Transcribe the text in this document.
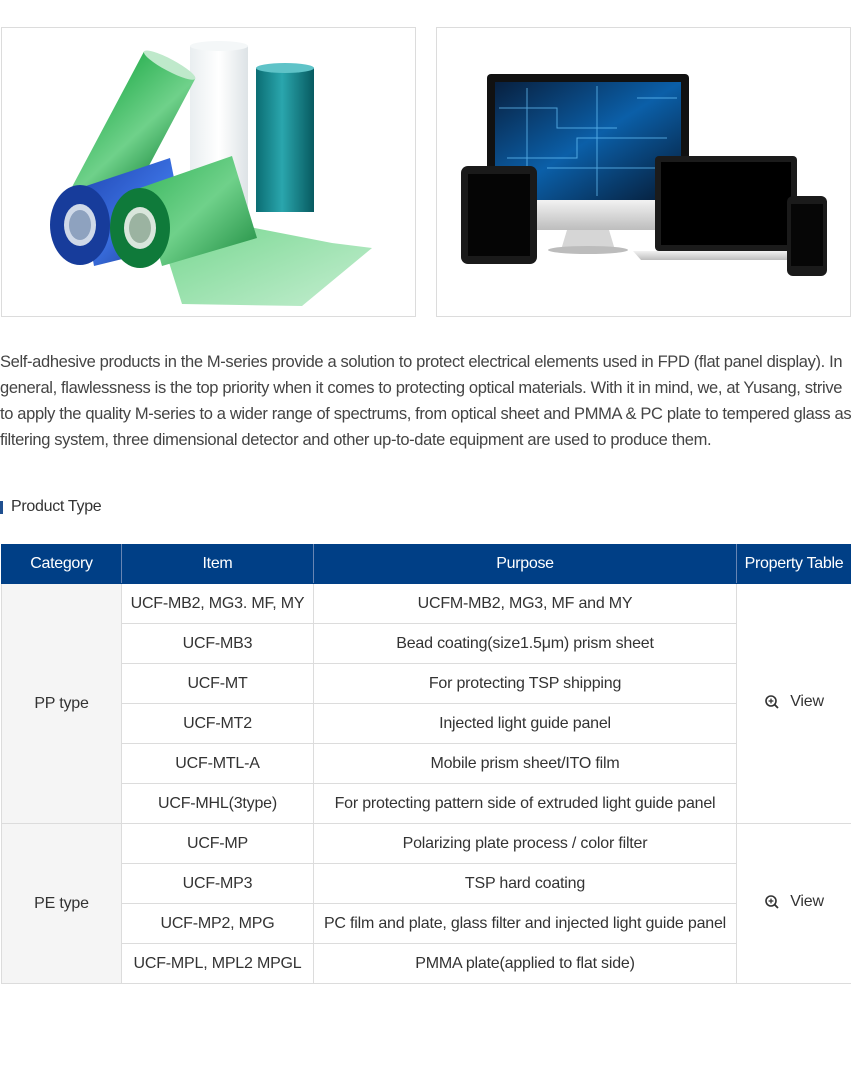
Self-adhesive products in the M-series provide a solution to protect electrical elements used in FPD (flat panel display). In general, flawlessness is the top priority when it comes to protecting optical materials. With it in mind, we, at Yusang, strive to apply the quality M-series to a wider range of spectrums, from optical sheet and PMMA & PC plate to tempered glass as filtering system, three dimensional detector and other up-to-date equipment are used to produce them.

Product Type
Category	Item	Purpose	Property Table
PP type	UCF-MB2, MG3. MF, MY	UCFM-MB2, MG3, MF and MY	View

	UCF-MB3	Bead coating(size1.5μm) prism sheet	
	UCF-MT	For protecting TSP shipping	
	UCF-MT2	Injected light guide panel	
	UCF-MTL-A	Mobile prism sheet/ITO film	
	UCF-MHL(3type)	For protecting pattern side of extruded light guide panel	
PE type	UCF-MP	Polarizing plate process / color filter	View

	UCF-MP3	TSP hard coating	
	UCF-MP2, MPG	PC film and plate, glass filter and injected light guide panel	
	UCF-MPL, MPL2 MPGL	PMMA plate(applied to flat side)	
